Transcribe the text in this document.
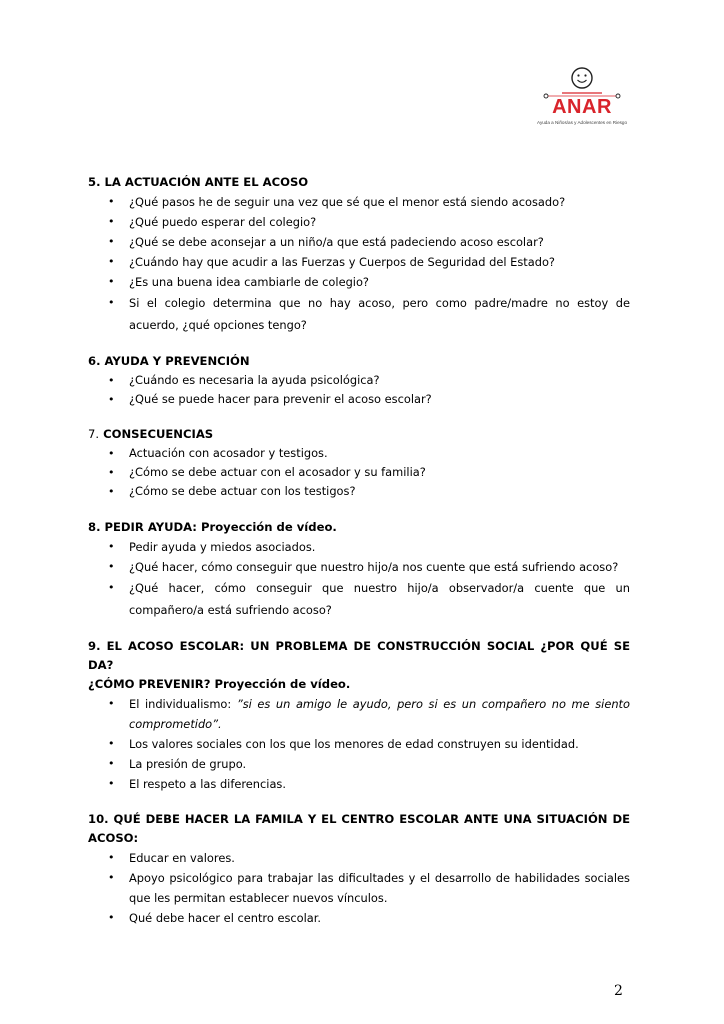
ANAR
Ayuda a Niños/as y Adolescentes en Riesgo

5. LA ACTUACIÓN ANTE EL ACOSO

• ¿Qué pasos he de seguir una vez que sé que el menor está siendo acosado?
• ¿Qué puedo esperar del colegio?
• ¿Qué se debe aconsejar a un niño/a que está padeciendo acoso escolar?
• ¿Cuándo hay que acudir a las Fuerzas y Cuerpos de Seguridad del Estado?
• ¿Es una buena idea cambiarle de colegio?
• Si el colegio determina que no hay acoso, pero como padre/madre no estoy de acuerdo, ¿qué opciones tengo?

6. AYUDA Y PREVENCIÓN

• ¿Cuándo es necesaria la ayuda psicológica?
• ¿Qué se puede hacer para prevenir el acoso escolar?

7. CONSECUENCIAS

• Actuación con acosador y testigos.
• ¿Cómo se debe actuar con el acosador y su familia?
• ¿Cómo se debe actuar con los testigos?

8. PEDIR AYUDA: Proyección de vídeo.

• Pedir ayuda y miedos asociados.
• ¿Qué hacer, cómo conseguir que nuestro hijo/a nos cuente que está sufriendo acoso?
• ¿Qué hacer, cómo conseguir que nuestro hijo/a observador/a cuente que un compañero/a está sufriendo acoso?

9. EL ACOSO ESCOLAR: UN PROBLEMA DE CONSTRUCCIÓN SOCIAL ¿POR QUÉ SE DA?

¿CÓMO PREVENIR? Proyección de vídeo.

• El individualismo: ”si es un amigo le ayudo, pero si es un compañero no me siento comprometido”.
• Los valores sociales con los que los menores de edad construyen su identidad.
• La presión de grupo.
• El respeto a las diferencias.

10. QUÉ DEBE HACER LA FAMILA Y EL CENTRO ESCOLAR ANTE UNA SITUACIÓN DE ACOSO:

• Educar en valores.
• Apoyo psicológico para trabajar las dificultades y el desarrollo de habilidades sociales que les permitan establecer nuevos vínculos.
• Qué debe hacer el centro escolar.
2
